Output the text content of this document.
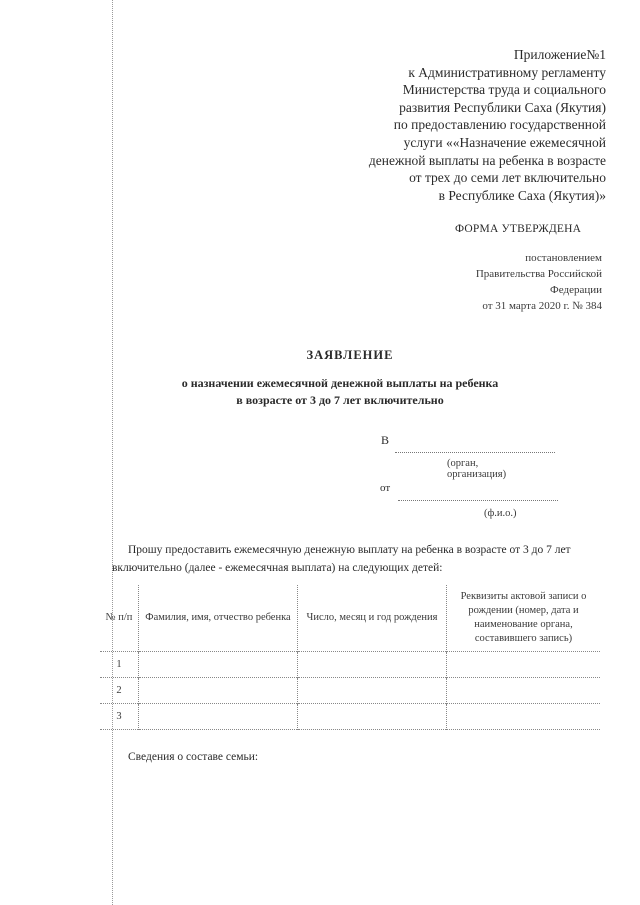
Приложение№1
к Административному регламенту
Министерства труда и социального
развития Республики Саха (Якутия)
по предоставлению государственной
услуги ««Назначение ежемесячной
денежной выплаты на ребенка в возрасте
от трех до семи лет включительно
в Республике Саха (Якутия)»
ФОРМА УТВЕРЖДЕНА
постановлением
Правительства Российской
Федерации
от 31 марта 2020 г. № 384
ЗАЯВЛЕНИЕ
о назначении ежемесячной денежной выплаты на ребенка
в возрасте от 3 до 7 лет включительно
В
(орган, организация)
от
(ф.и.о.)
Прошу предоставить ежемесячную денежную выплату на ребенка в возрасте от 3 до 7 лет включительно (далее - ежемесячная выплата) на следующих детей:
№ п/п	Фамилия, имя, отчество ребенка	Число, месяц и год рождения	Реквизиты актовой записи о рождении (номер, дата и наименование органа, составившего запись)
1			
2			
3			
Сведения о составе семьи:
